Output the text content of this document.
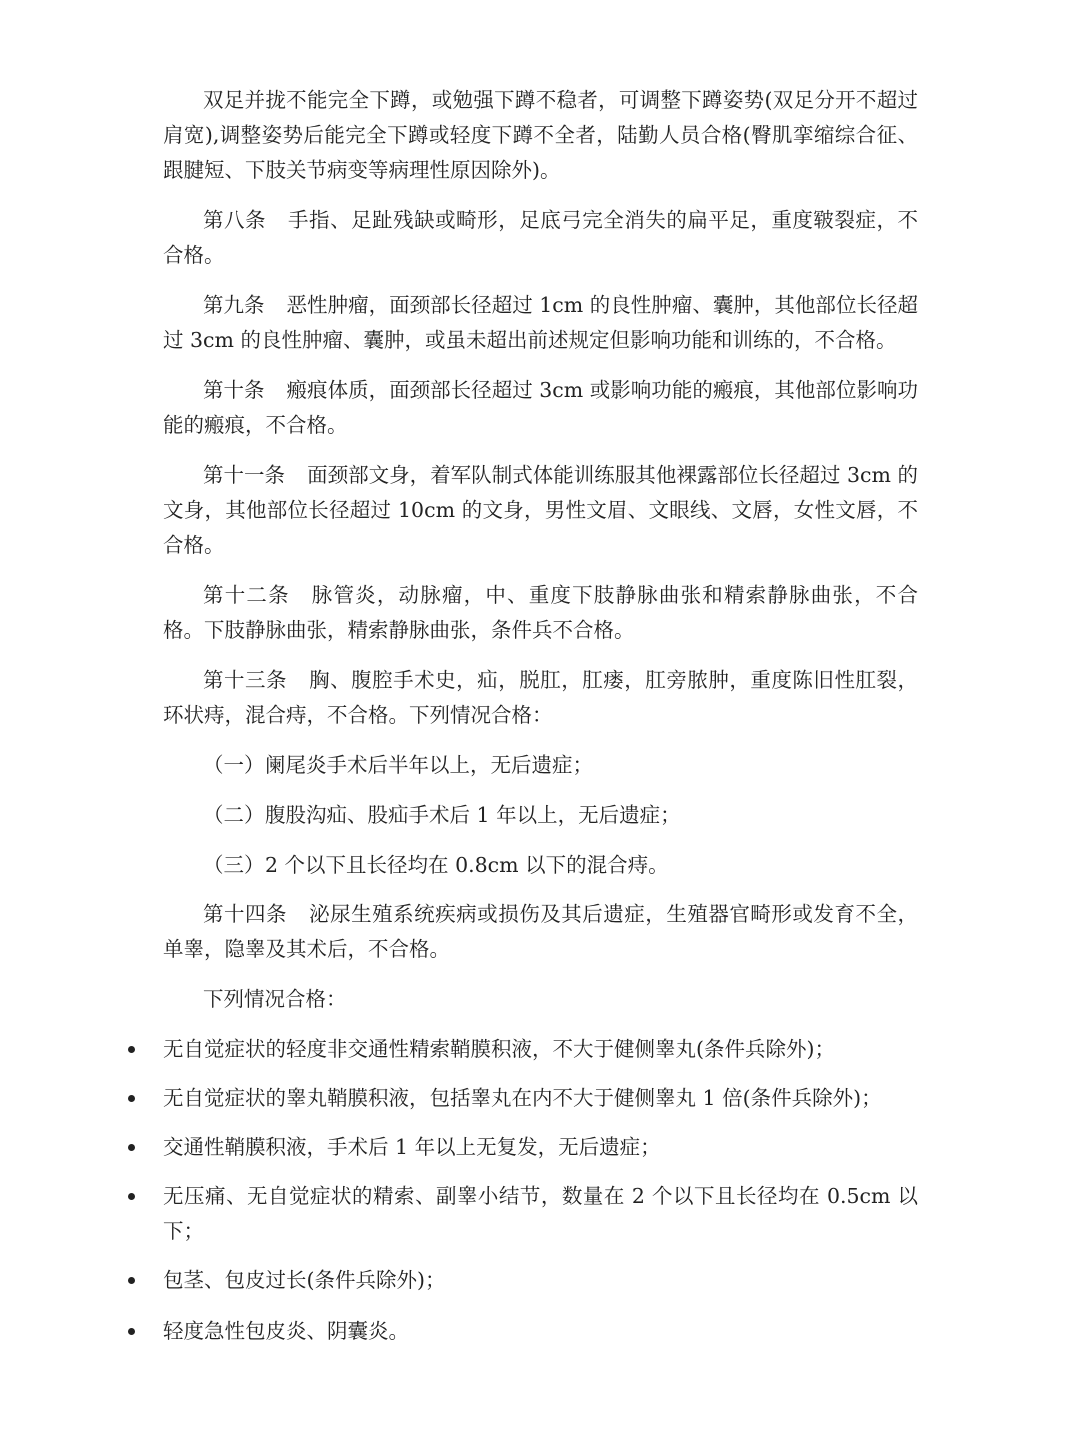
双足并拢不能完全下蹲，或勉强下蹲不稳者，可调整下蹲姿势(双足分开不超过肩宽),调整姿势后能完全下蹲或轻度下蹲不全者，陆勤人员合格(臀肌挛缩综合征、跟腱短、下肢关节病变等病理性原因除外)。
第八条 手指、足趾残缺或畸形，足底弓完全消失的扁平足，重度皲裂症，不合格。
第九条 恶性肿瘤，面颈部长径超过 1cm 的良性肿瘤、囊肿，其他部位长径超过 3cm 的良性肿瘤、囊肿，或虽未超出前述规定但影响功能和训练的，不合格。
第十条 瘢痕体质，面颈部长径超过 3cm 或影响功能的瘢痕，其他部位影响功能的瘢痕，不合格。
第十一条 面颈部文身，着军队制式体能训练服其他裸露部位长径超过 3cm 的文身，其他部位长径超过 10cm 的文身，男性文眉、文眼线、文唇，女性文唇，不合格。
第十二条 脉管炎，动脉瘤，中、重度下肢静脉曲张和精索静脉曲张，不合格。下肢静脉曲张，精索静脉曲张，条件兵不合格。
第十三条 胸、腹腔手术史，疝，脱肛，肛瘘，肛旁脓肿，重度陈旧性肛裂，环状痔，混合痔，不合格。下列情况合格：
（一）阑尾炎手术后半年以上，无后遗症；
（二）腹股沟疝、股疝手术后 1 年以上，无后遗症；
（三）2 个以下且长径均在 0.8cm 以下的混合痔。
第十四条 泌尿生殖系统疾病或损伤及其后遗症，生殖器官畸形或发育不全，单睾，隐睾及其术后，不合格。
下列情况合格：
无自觉症状的轻度非交通性精索鞘膜积液，不大于健侧睾丸(条件兵除外)；
无自觉症状的睾丸鞘膜积液，包括睾丸在内不大于健侧睾丸 1 倍(条件兵除外)；
交通性鞘膜积液，手术后 1 年以上无复发，无后遗症；
无压痛、无自觉症状的精索、副睾小结节，数量在 2 个以下且长径均在 0.5cm 以下；
包茎、包皮过长(条件兵除外)；
轻度急性包皮炎、阴囊炎。
